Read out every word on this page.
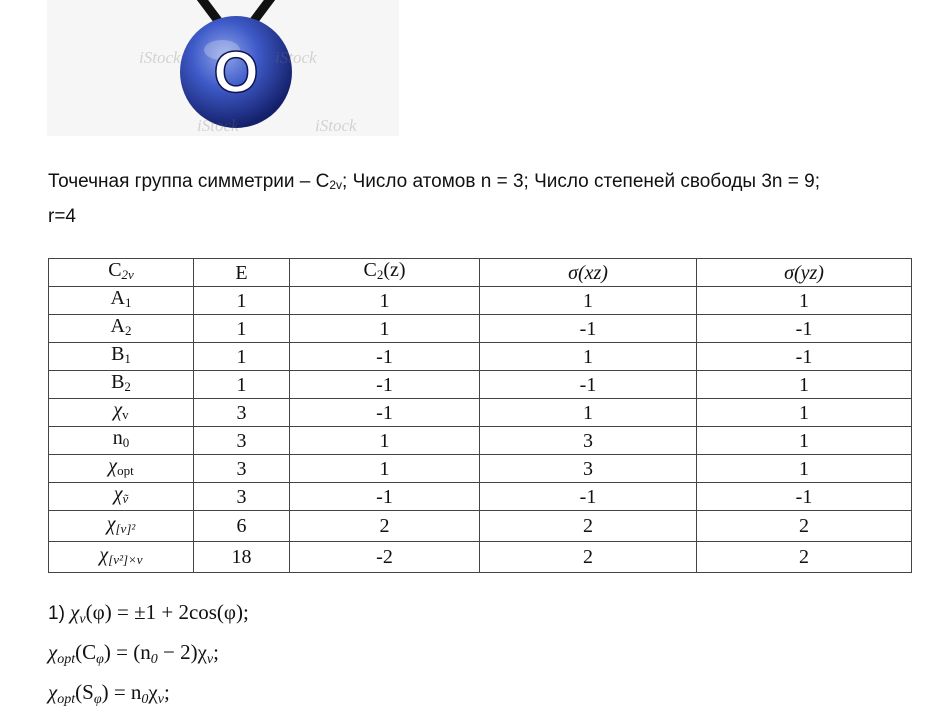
O
iStock	iStock
iStock	iStock
Точечная группа симметрии – $C_{2v}$; Число атомов n = 3; Число степеней свободы 3n = 9;
r=4
$C_{2v}$	E	$C_2(z)$	σ(xz)	σ(yz)
$A_1$	1	1	1	1
$A_2$	1	1	-1	-1
$B_1$	1	-1	1	-1
$B_2$	1	-1	-1	1
$\chi_v$	3	-1	1	1
$n_0$	3	1	3	1
$\chi_{opt}$	3	1	3	1
$\chi_ṽ$	3	-1	-1	-1
$\chi_{[v]^2}$	6	2	2	2
$\chi_{[v^2]\times v}$	18	-2	2	2
1) $\chi_v(\varphi) = \pm 1 + 2\cos(\varphi)$;
$\chi_{opt}(C_\varphi) = (n_0 - 2)\chi_v$;
$\chi_{opt}(S_\varphi) = n_0\chi_v$;
